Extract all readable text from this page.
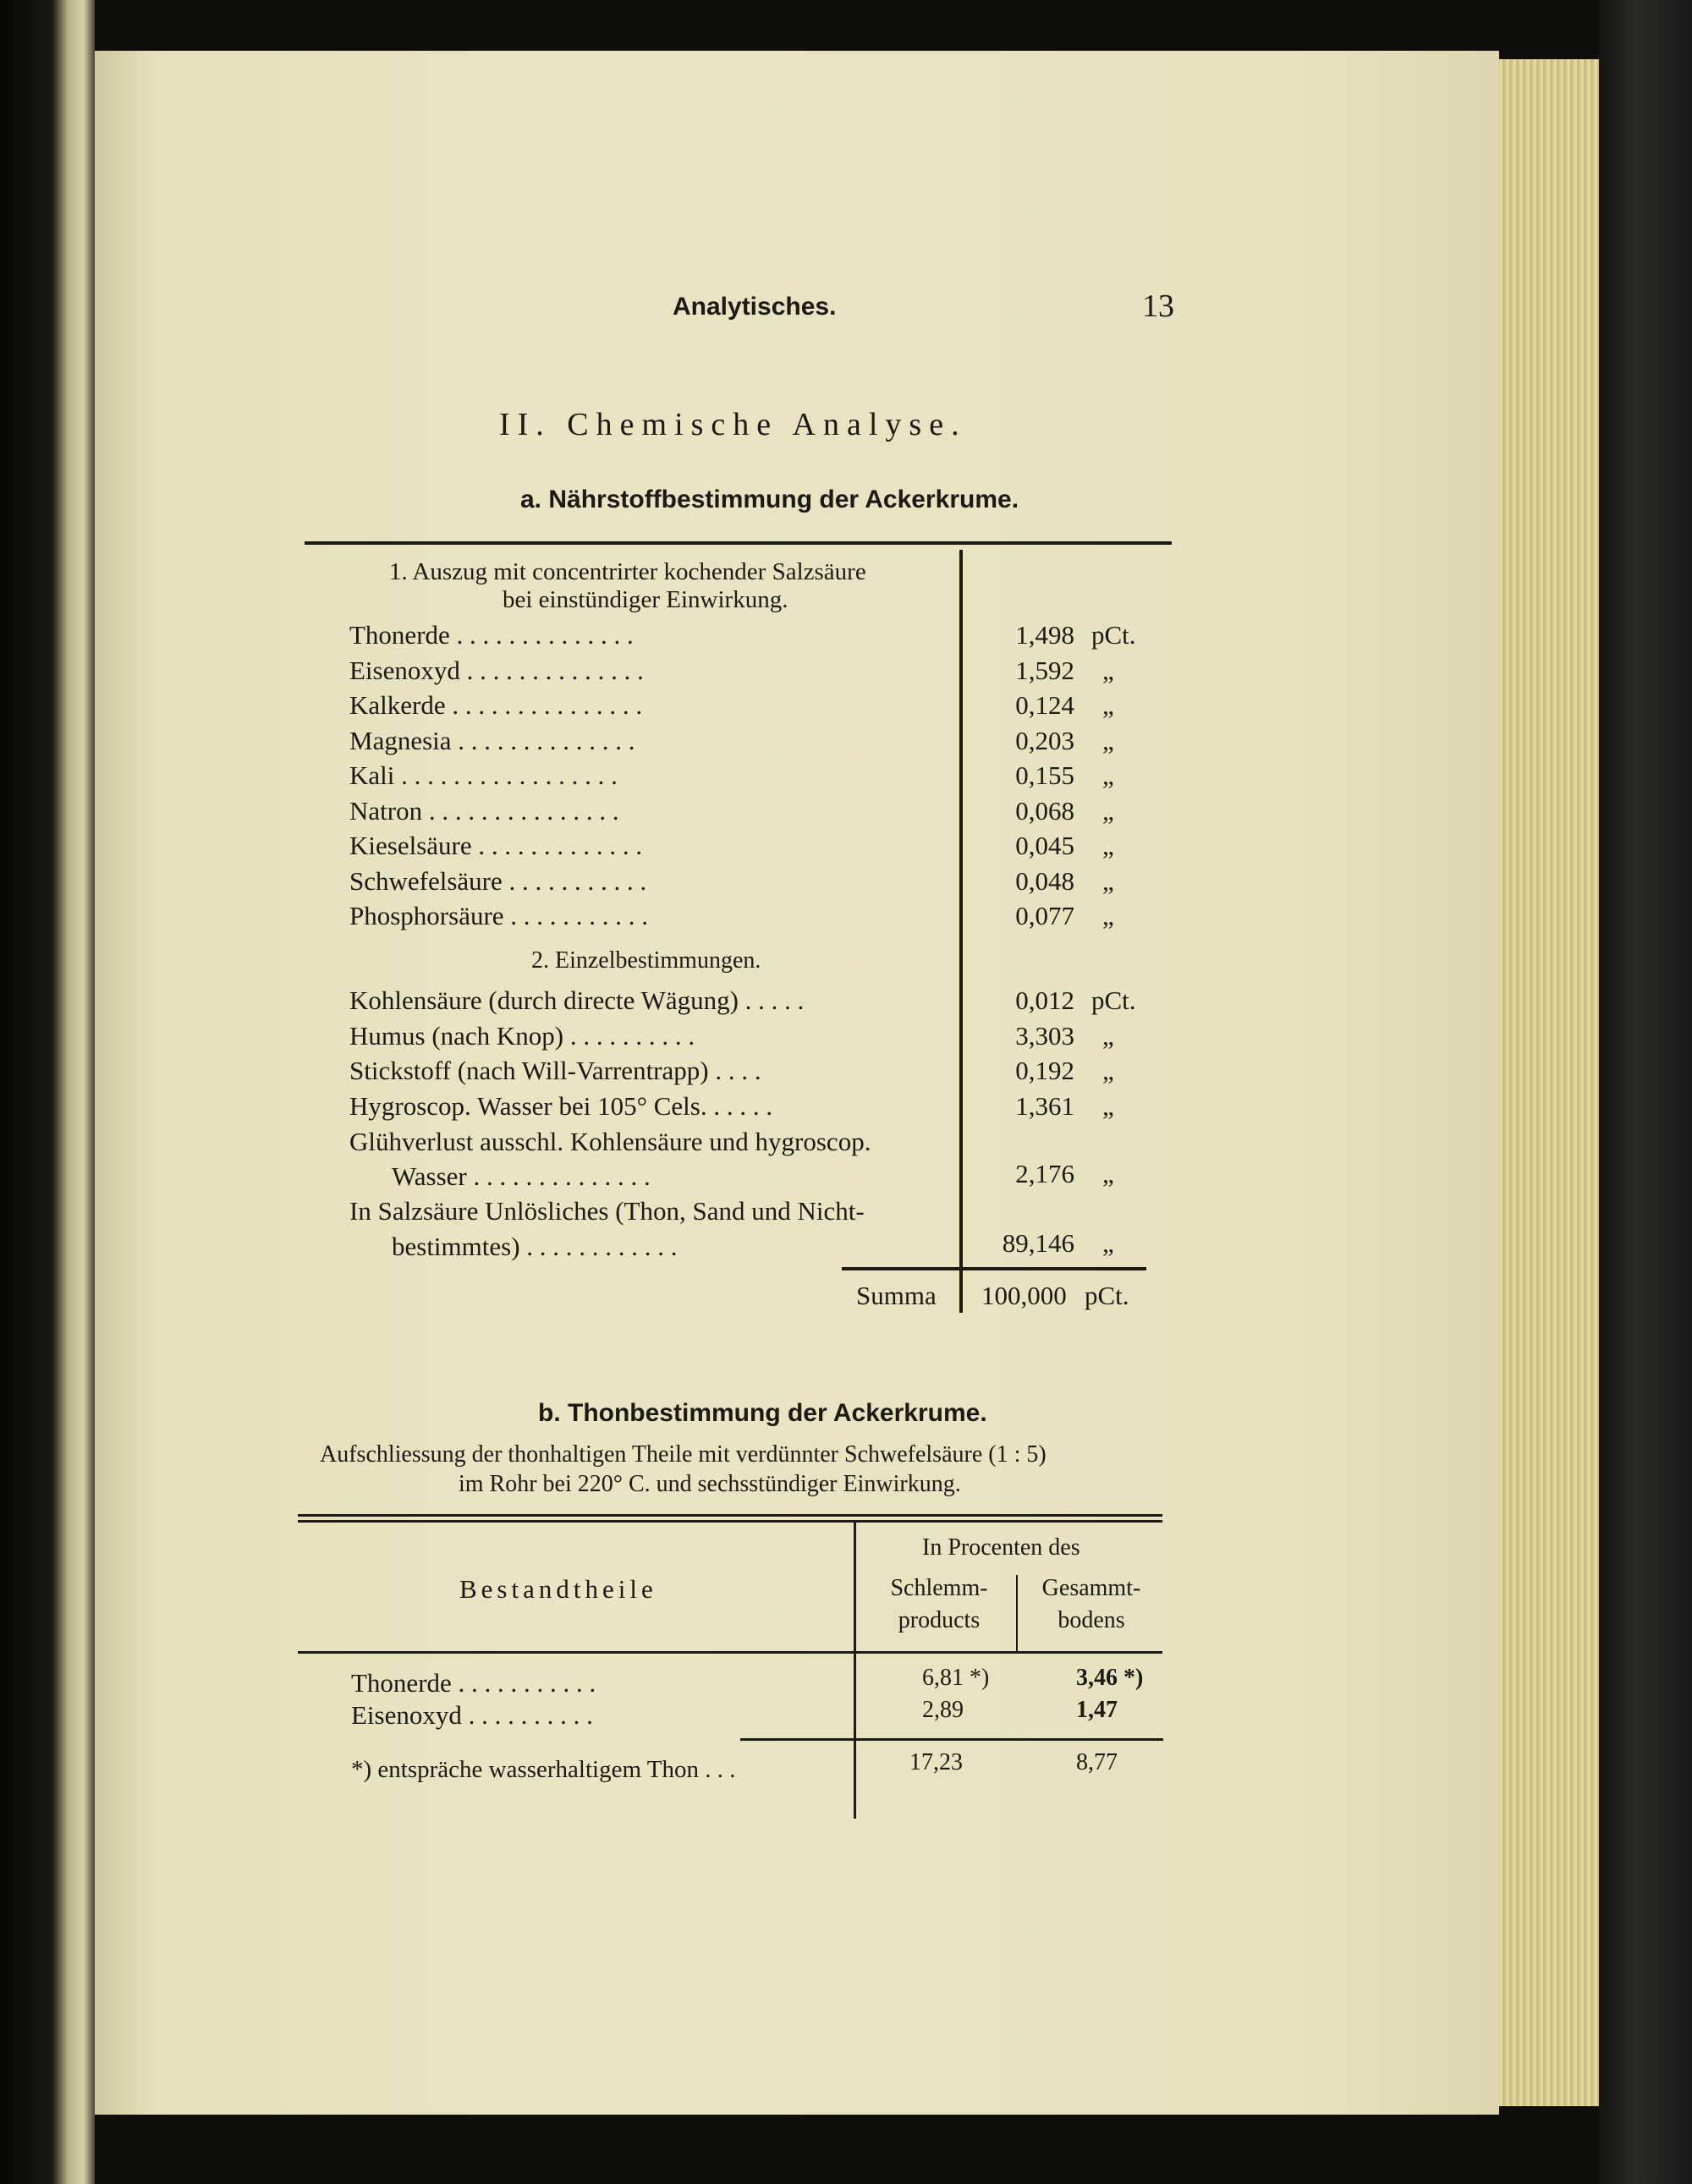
Analytisches.	13
II. Chemische Analyse.
a. Nährstoffbestimmung der Ackerkrume.
1. Auszug mit concentrirter kochender Salzsäure
bei einstündiger Einwirkung.
Thonerde . . . . . . . . . . . . . .	1,498 pCt.
Eisenoxyd . . . . . . . . . . . . . .	1,592 „
Kalkerde . . . . . . . . . . . . . . .	0,124 „
Magnesia . . . . . . . . . . . . . .	0,203 „
Kali . . . . . . . . . . . . . . . . .	0,155 „
Natron . . . . . . . . . . . . . . .	0,068 „
Kieselsäure . . . . . . . . . . . . .	0,045 „
Schwefelsäure . . . . . . . . . . .	0,048 „
Phosphorsäure . . . . . . . . . . .	0,077 „
2. Einzelbestimmungen.
Kohlensäure (durch directe Wägung) . . . . .	0,012 pCt.
Humus (nach Knop) . . . . . . . . . .	3,303 „
Stickstoff (nach Will-Varrentrapp) . . . .	0,192 „
Hygroscop. Wasser bei 105° Cels. . . . . .	1,361 „
Glühverlust ausschl. Kohlensäure und hygroscop.
Wasser . . . . . . . . . . . . . .	2,176 „
In Salzsäure Unlösliches (Thon, Sand und Nicht-
bestimmtes) . . . . . . . . . . . .	89,146 „
Summa 100,000 pCt.
b. Thonbestimmung der Ackerkrume.
Aufschliessung der thonhaltigen Theile mit verdünnter Schwefelsäure (1 : 5)
im Rohr bei 220° C. und sechsstündiger Einwirkung.
In Procenten des
Bestandtheile	Schlemm-
products
Gesammt-
bodens
Thonerde . . . . . . . . . . .	6,81 *)	3,46 *)
Eisenoxyd . . . . . . . . . .	2,89	1,47
*) entspräche wasserhaltigem Thon . . .	17,23	8,77
